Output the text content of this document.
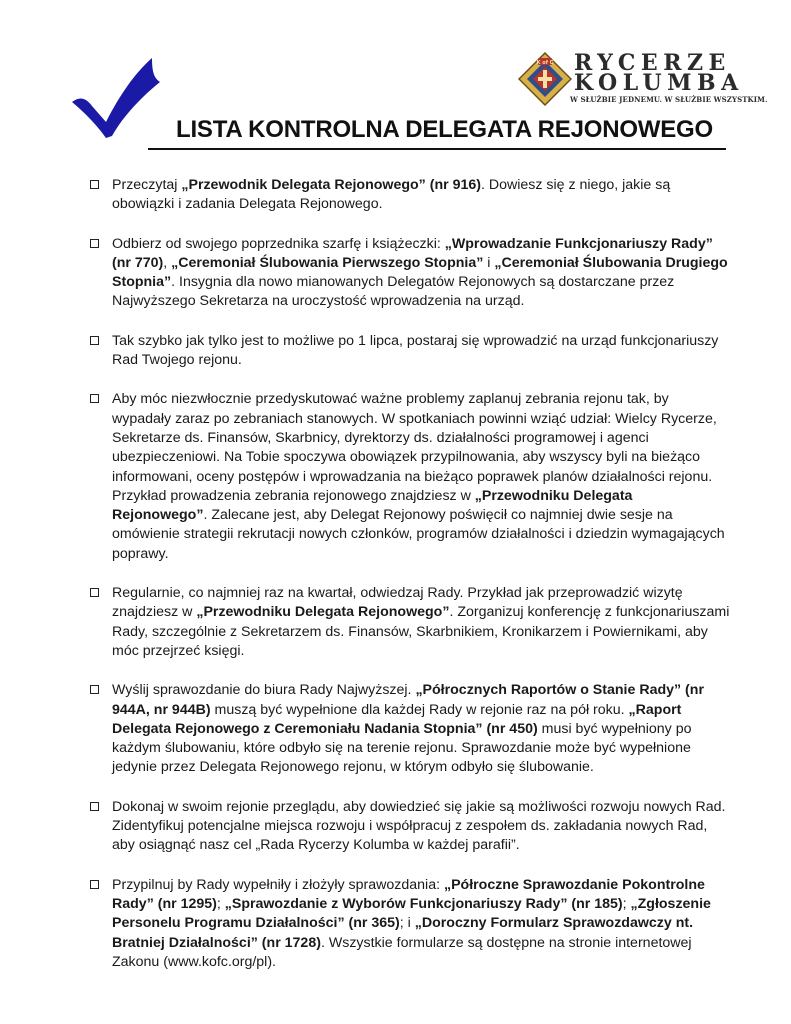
K of C RYCERZE
KOLUMBA
W SŁUŻBIE JEDNEMU. W SŁUŻBIE WSZYSTKIM.
LISTA KONTROLNA DELEGATA REJONOWEGO
Przeczytaj „Przewodnik Delegata Rejonowego” (nr 916). Dowiesz się z niego, jakie są obowiązki i zadania Delegata Rejonowego.
Odbierz od swojego poprzednika szarfę i książeczki: „Wprowadzanie Funkcjonariuszy Rady” (nr 770), „Ceremoniał Ślubowania Pierwszego Stopnia” i „Ceremoniał Ślubowania Drugiego Stopnia”. Insygnia dla nowo mianowanych Delegatów Rejonowych są dostarczane przez Najwyższego Sekretarza na uroczystość wprowadzenia na urząd.
Tak szybko jak tylko jest to możliwe po 1 lipca, postaraj się wprowadzić na urząd funkcjonariuszy Rad Twojego rejonu.
Aby móc niezwłocznie przedyskutować ważne problemy zaplanuj zebrania rejonu tak, by wypadały zaraz po zebraniach stanowych. W spotkaniach powinni wziąć udział: Wielcy Rycerze, Sekretarze ds. Finansów, Skarbnicy, dyrektorzy ds. działalności programowej i agenci ubezpieczeniowi. Na Tobie spoczywa obowiązek przypilnowania, aby wszyscy byli na bieżąco informowani, oceny postępów i wprowadzania na bieżąco poprawek planów działalności rejonu. Przykład prowadzenia zebrania rejonowego znajdziesz w „Przewodniku Delegata Rejonowego”. Zalecane jest, aby Delegat Rejonowy poświęcił co najmniej dwie sesje na omówienie strategii rekrutacji nowych członków, programów działalności i dziedzin wymagających poprawy.
Regularnie, co najmniej raz na kwartał, odwiedzaj Rady. Przykład jak przeprowadzić wizytę znajdziesz w „Przewodniku Delegata Rejonowego”. Zorganizuj konferencję z funkcjonariuszami Rady, szczególnie z Sekretarzem ds. Finansów, Skarbnikiem, Kronikarzem i Powiernikami, aby móc przejrzeć księgi.
Wyślij sprawozdanie do biura Rady Najwyższej. „Półrocznych Raportów o Stanie Rady” (nr 944A, nr 944B) muszą być wypełnione dla każdej Rady w rejonie raz na pół roku. „Raport Delegata Rejonowego z Ceremoniału Nadania Stopnia” (nr 450) musi być wypełniony po każdym ślubowaniu, które odbyło się na terenie rejonu. Sprawozdanie może być wypełnione jedynie przez Delegata Rejonowego rejonu, w którym odbyło się ślubowanie.
Dokonaj w swoim rejonie przeglądu, aby dowiedzieć się jakie są możliwości rozwoju nowych Rad. Zidentyfikuj potencjalne miejsca rozwoju i współpracuj z zespołem ds. zakładania nowych Rad, aby osiągnąć nasz cel „Rada Rycerzy Kolumba w każdej parafii”.
Przypilnuj by Rady wypełniły i złożyły sprawozdania: „Półroczne Sprawozdanie Pokontrolne Rady” (nr 1295); „Sprawozdanie z Wyborów Funkcjonariuszy Rady” (nr 185); „Zgłoszenie Personelu Programu Działalności” (nr 365); i „Doroczny Formularz Sprawozdawczy nt. Bratniej Działalności” (nr 1728). Wszystkie formularze są dostępne na stronie internetowej Zakonu (www.kofc.org/pl).
